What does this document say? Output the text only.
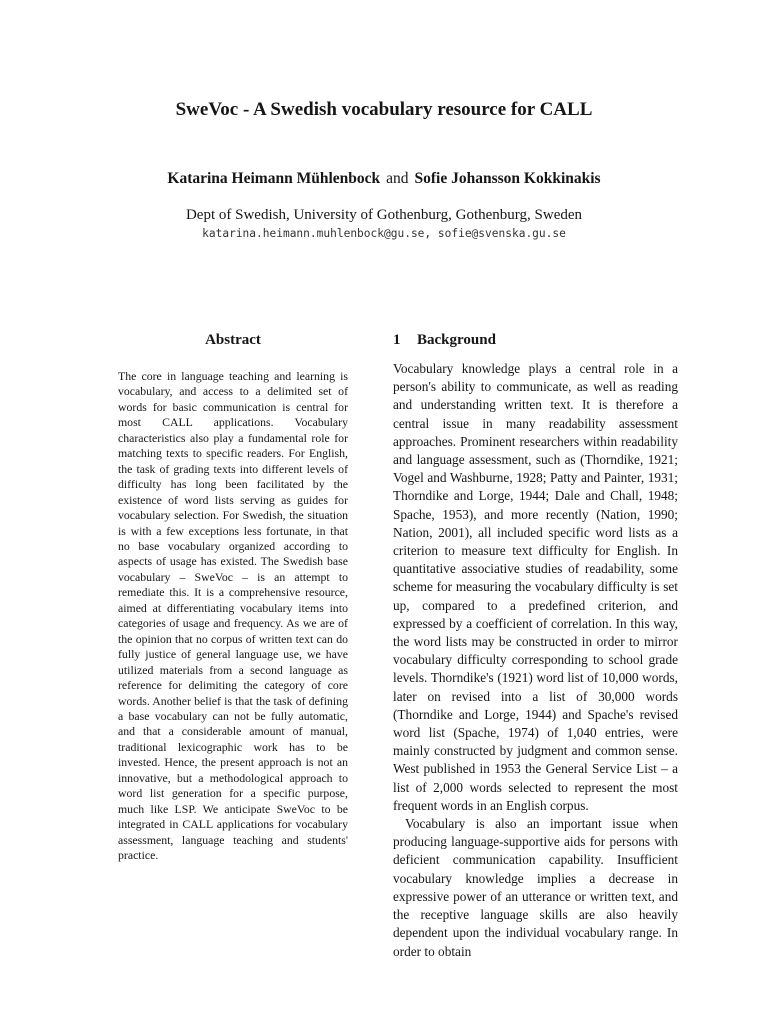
SweVoc - A Swedish vocabulary resource for CALL
Katarina Heimann Mühlenbock and Sofie Johansson Kokkinakis
Dept of Swedish, University of Gothenburg, Gothenburg, Sweden
katarina.heimann.muhlenbock@gu.se, sofie@svenska.gu.se
Abstract

The core in language teaching and learning is vocabulary, and access to a delimited set of words for basic communication is central for most CALL applications. Vocabulary characteristics also play a fundamental role for matching texts to specific readers. For English, the task of grading texts into different levels of difficulty has long been facilitated by the existence of word lists serving as guides for vocabulary selection. For Swedish, the situation is with a few exceptions less fortunate, in that no base vocabulary organized according to aspects of usage has existed. The Swedish base vocabulary – SweVoc – is an attempt to remediate this. It is a comprehensive resource, aimed at differentiating vocabulary items into categories of usage and frequency. As we are of the opinion that no corpus of written text can do fully justice of general language use, we have utilized materials from a second language as reference for delimiting the category of core words. Another belief is that the task of defining a base vocabulary can not be fully automatic, and that a considerable amount of manual, traditional lexicographic work has to be invested. Hence, the present approach is not an innovative, but a methodological approach to word list generation for a specific purpose, much like LSP. We anticipate SweVoc to be integrated in CALL applications for vocabulary assessment, language teaching and students' practice.

1 Background

Vocabulary knowledge plays a central role in a person's ability to communicate, as well as reading and understanding written text. It is therefore a central issue in many readability assessment approaches. Prominent researchers within readability and language assessment, such as (Thorndike, 1921; Vogel and Washburne, 1928; Patty and Painter, 1931; Thorndike and Lorge, 1944; Dale and Chall, 1948; Spache, 1953), and more recently (Nation, 1990; Nation, 2001), all included specific word lists as a criterion to measure text difficulty for English. In quantitative associative studies of readability, some scheme for measuring the vocabulary difficulty is set up, compared to a predefined criterion, and expressed by a coefficient of correlation. In this way, the word lists may be constructed in order to mirror vocabulary difficulty corresponding to school grade levels. Thorndike's (1921) word list of 10,000 words, later on revised into a list of 30,000 words (Thorndike and Lorge, 1944) and Spache's revised word list (Spache, 1974) of 1,040 entries, were mainly constructed by judgment and common sense. West published in 1953 the General Service List – a list of 2,000 words selected to represent the most frequent words in an English corpus.

Vocabulary is also an important issue when producing language-supportive aids for persons with deficient communication capability. Insufficient vocabulary knowledge implies a decrease in expressive power of an utterance or written text, and the receptive language skills are also heavily dependent upon the individual vocabulary range. In order to obtain
